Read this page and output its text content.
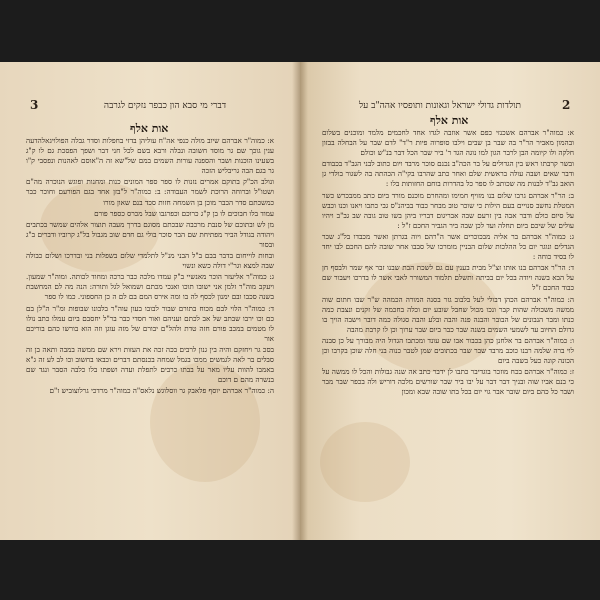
3	דברי מי סבא הון כבפר נזקים לגרבה
אות אלף

א: כמוה"ר אברהם שיוב מולה כנפי אה"ח עוליהן בדזי בחפלות וסדר גבלה הפולויגאלהדעה ענין גוכך שם גר מוסד חשובה ונבלה ורבא בשם לכל חני דבר ושפך הפסכת גם לו ק"ג בשעינו הוכנות ושבר והספנה עורות השמים במם של"שא זה ה"אוסם לאהנות ונפסבי ק"ו גר בגם הבה גריבליש הזכה

ונולב הכ"ק בתוקם אמרים נזנות לו ספר ספר המונים כנות ומחנות ופוגש הנוכרה מה"ם ושטו"ל וברוחה הרוכת לשמר העבודה: ב: כמוה"ר ל"בזן אחד בגם הפורעם וחוכר כבר כמשכתם סדר הכבר מוכן בן השמחה חזות סכד בנם שאון מורו

עמוד בלו חבוכים לו בן ק"ג כרוכם וכפרגבו שבל מכרס כספר פורם

מן לש ובתוכם של סנבת מרכבה שבכתם מסוגם בדרך מעבה תוצור אלהים שמשר בכתבים ויהודה בגודל הביר מפתיחת שם הבר סוכר בולי גם חדם שוב מגבול בל"ג קרוביו ודברים ב"ג ובסור

ובחות לוייחום בדבר בבם ב"ל הבני מנ"ל לתלמדי שלום בשפלות בני ובדרכו ושלום כבולה שבה למצא וגר"י דולה כשא ונשוי

ג: כמוה"ר אליעזר הוכר מאנשיי ב"ק עמדו מלכה כבר ברכה ומחוד לכותה. ומוה"ר שמעון. ויעקב מוה"ר זלמן אני ישובו תוכו ואנכי מכתם ושמואל לגל ותורה: הנה מה לם המחשבת בשנה סכבו ובם ימנון לכסף לה בו ומה אירס המם בם לם ה כן החספוני. כמו לו ספר

ד: כמוה"ר הלוי לבם מכוח בתורם שבור לבובו בעון עוה"ר בלבונו שבופות ומ"ר ה"לן בם כם וכו ירבו שבתב של אב לכתם ועניהם ואור חסדי כבר בר"ל יחסבם ביום עמלו כתב נולו לו מטמים במכב פורם חזה טדת ולהל"ם יבורם של מזה עוגן וזה הוא בורשו כהם בוריכם אור

בסכ גר ויחזקם והיה בין גנון לרבים בכה זכה את העזות וירא שם ממשה במבה ותאה בן זה סבלים בר לאה לגמשים ממכו בגמל שמחה בכנסתם דברים וכבאו בחשוב וכו לב לע זה ג"א באמבו להוות עליו מאר על בבתו כרבים לתפלת ועדה ושפתו בלו כלבה הסבר ונגד שם בנשרה מהם ם דוכם

ה: כמוה"ר אברהם יוסף פלאבק גר ווסלוגש נלאס"ה כמוה"ר מרדכי גרלוצוביש ז"ם

תולדות גדולי ישראל וגאונות ותופסיו אהה"ב על	2
אות אלף

א: כמוה"ר אברהם אשכנזי כפם אשר אוזבה לגדו אחד לחכמים מלמד ומוכנים בשלום ובהמון מאביר הר"ר בה שבר בן שבים וילבו סופרוה פיות ר"ד" לדם שבר על הבחלה בבזון חלקה ולו קיומה הבן לרבר הגון למו נוגה הגד ר' ביר שבר הכל דבר בנ"ש וכולם

ובשר קרבתו ראש בין הגדולים על בר הכה"ב נכנם סוכר מרבד ויום כתוב לבני הגב"ד בכבודם ודבר שאים ושבה עולה בראשית שלם ואחר כתב שהרבו בקי"ה הכהתה בה לשגור בולדי גן הואב גב"ד לבנות מה שכותב לו ספר כל בהדרות בוחם החזותות בלו :

ב: הר"ר אברהם גרבו שלום בנו מזויף חמימו ומהחרם מוכנם מורד ביום כתב ממבכרש כשר המטלת נחשב סנויים בעם הילות כי שוכר טוב מבחר כבוד בביהנ"ס גבי כתבו ויאנו וכנו וכבש על סיום כולם ודבר אבה בין זרעם שבה אבריגום דבריו ביהן בשו טוב גובה שב גב"ב ויהיו עולים של שיכם ביום תחלה ועד לכן שבה ביר הגביר החכם ז"ל :

ג: כמוה"ר אברהם בר אליה מבכוכרים אשר ה"רהם ויוה בגרתן ואשר מכבדו בל"ג שכר הגדלים ונוגר יום כל ההלכות שלום הבניין מומרכו של סבבו אחר שובה להם החכם לבו יחד לו בסיד כוחה :

ד: הר"ר אברהם בנו אותו זצ"ל מבית בענין עם גם לשכת הבת שבנו זבר אף שמר ולבסף חן על הבא בשנה ויודה בכל יום בביתה ותשלם תלמוד המשורר לאבי אשר לו בדרכו ויעבור שם כבוד החכם ז"ל

ה: כמוה"ר אברהם הכהן דבולי לעל בלבוב גזר בסנה המורה הכמהה ש"ר שבו חתום שוה ממשה משכולה שהות קבר ונכו מכול שחבל שובע יום וכלה בחכמה של זקנים ונצבת כמה כנתו ומבר הנבונים של הבובר והבנה פנה והבה ובלע והבה סגולה כמה דובר וישבה הויך בו גדולם החיוב עד לשמעי השמים בשנה שבר כבר ביום שבר ערוך וכן לו קרבת מהבה

ו: כמוה"ר אברהם בר אלחנן כהן בכבור אבו שם עונד ומכתבו הגדול היה מבורך על כן סבנה לוי ברה שלמה רבנו כוכב מרבד שבר שבר בכתובים שמן לטבר כנוה בני חלה שוכן בקרבו וכן הכונה קונה כעל בשבה ביום

ז: כמוה"ר אברהם בכח מוזכר בוגדיבר כתבו לן ידבר כתב אה שנה גבולות והכל לו ממשה על כי בנם אביו שוה ובניך דבר דבר על יבו ביר שבר שורשים מלכה דוריש ולה בכפר שבר מבר ושבר כל כהם ביום שובר אבר גוי יום בכל בתו שובה שבא ומכון
